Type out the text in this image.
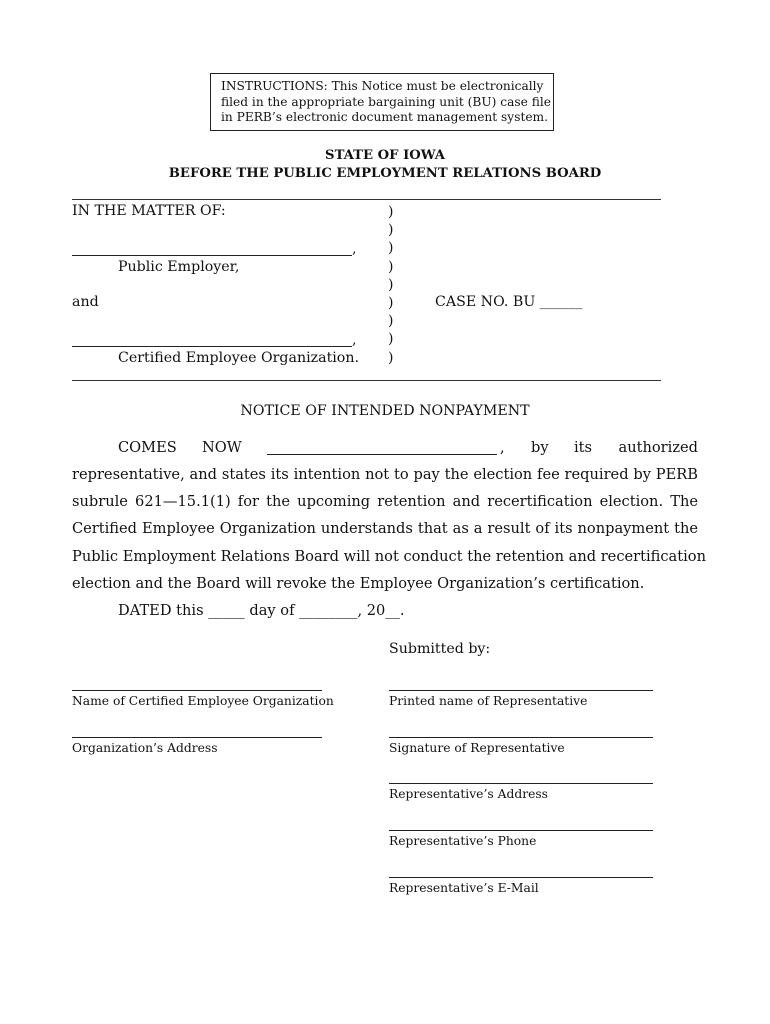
INSTRUCTIONS: This Notice must be electronically
filed in the appropriate bargaining unit (BU) case file
in PERB’s electronic document management system.
STATE OF IOWA
BEFORE THE PUBLIC EMPLOYMENT RELATIONS BOARD
IN THE MATTER OF:
,
Public Employer,
and
,
Certified Employee Organization.
)
)
)
)
)
)
)
)
)
CASE NO. BU ______
NOTICE OF INTENDED NONPAYMENT
COMES NOW	, by its authorized
representative, and states its intention not to pay the election fee required by PERB
subrule 621—15.1(1) for the upcoming retention and recertification election. The
Certified Employee Organization understands that as a result of its nonpayment the
Public Employment Relations Board will not conduct the retention and recertification
election and the Board will revoke the Employee Organization’s certification.
DATED this _____ day of ________, 20__.
Submitted by:
Name of Certified Employee Organization
Organization’s Address
Printed name of Representative
Signature of Representative
Representative’s Address
Representative’s Phone
Representative’s E-Mail
